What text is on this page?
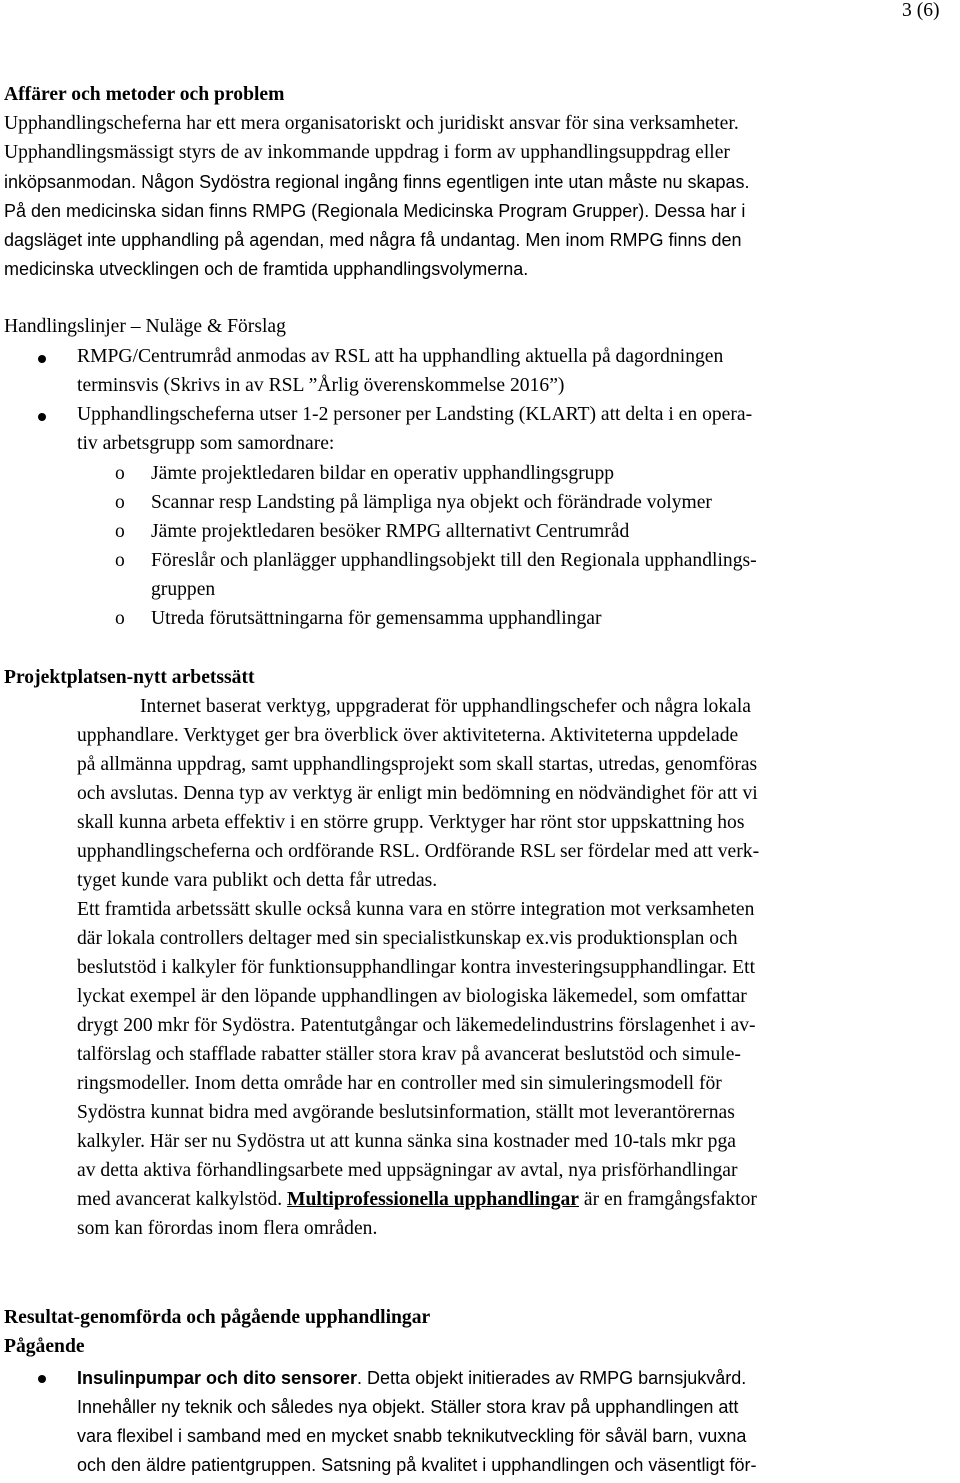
3 (6)
Affärer och metoder och problem
Upphandlingscheferna har ett mera organisatoriskt och juridiskt ansvar för sina verksamheter.
Upphandlingsmässigt styrs de av inkommande uppdrag i form av upphandlingsuppdrag eller
inköpsanmodan. Någon Sydöstra regional ingång finns egentligen inte utan måste nu skapas.
På den medicinska sidan finns RMPG (Regionala Medicinska Program Grupper). Dessa har i
dagsläget inte upphandling på agendan, med några få undantag. Men inom RMPG finns den
medicinska utvecklingen och de framtida upphandlingsvolymerna.
Handlingslinjer – Nuläge & Förslag
RMPG/Centrumråd anmodas av RSL att ha upphandling aktuella på dagordningen
terminsvis (Skrivs in av RSL ”Årlig överenskommelse 2016”)
Upphandlingscheferna utser 1-2 personer per Landsting (KLART) att delta i en opera-
tiv arbetsgrupp som samordnare:
o Jämte projektledaren bildar en operativ upphandlingsgrupp
o Scannar resp Landsting på lämpliga nya objekt och förändrade volymer
o Jämte projektledaren besöker RMPG allternativt Centrumråd
o Föreslår och planlägger upphandlingsobjekt till den Regionala upphandlings-
gruppen
o Utreda förutsättningarna för gemensamma upphandlingar
Projektplatsen-nytt arbetssätt
Internet baserat verktyg, uppgraderat för upphandlingschefer och några lokala
upphandlare. Verktyget ger bra överblick över aktiviteterna. Aktiviteterna uppdelade
på allmänna uppdrag, samt upphandlingsprojekt som skall startas, utredas, genomföras
och avslutas. Denna typ av verktyg är enligt min bedömning en nödvändighet för att vi
skall kunna arbeta effektiv i en större grupp. Verktyger har rönt stor uppskattning hos
upphandlingscheferna och ordförande RSL. Ordförande RSL ser fördelar med att verk-
tyget kunde vara publikt och detta får utredas.
Ett framtida arbetssätt skulle också kunna vara en större integration mot verksamheten
där lokala controllers deltager med sin specialistkunskap ex.vis produktionsplan och
beslutstöd i kalkyler för funktionsupphandlingar kontra investeringsupphandlingar. Ett
lyckat exempel är den löpande upphandlingen av biologiska läkemedel, som omfattar
drygt 200 mkr för Sydöstra. Patentutgångar och läkemedelindustrins förslagenhet i av-
talförslag och stafflade rabatter ställer stora krav på avancerat beslutstöd och simule-
ringsmodeller. Inom detta område har en controller med sin simuleringsmodell för
Sydöstra kunnat bidra med avgörande beslutsinformation, ställt mot leverantörernas
kalkyler. Här ser nu Sydöstra ut att kunna sänka sina kostnader med 10-tals mkr pga
av detta aktiva förhandlingsarbete med uppsägningar av avtal, nya prisförhandlingar
med avancerat kalkylstöd. Multiprofessionella upphandlingar är en framgångsfaktor
som kan förordas inom flera områden.
Resultat-genomförda och pågående upphandlingar
Pågående
Insulinpumpar och dito sensorer. Detta objekt initierades av RMPG barnsjukvård.
Innehåller ny teknik och således nya objekt. Ställer stora krav på upphandlingen att
vara flexibel i samband med en mycket snabb teknikutveckling för såväl barn, vuxna
och den äldre patientgruppen. Satsning på kvalitet i upphandlingen och väsentligt för-
